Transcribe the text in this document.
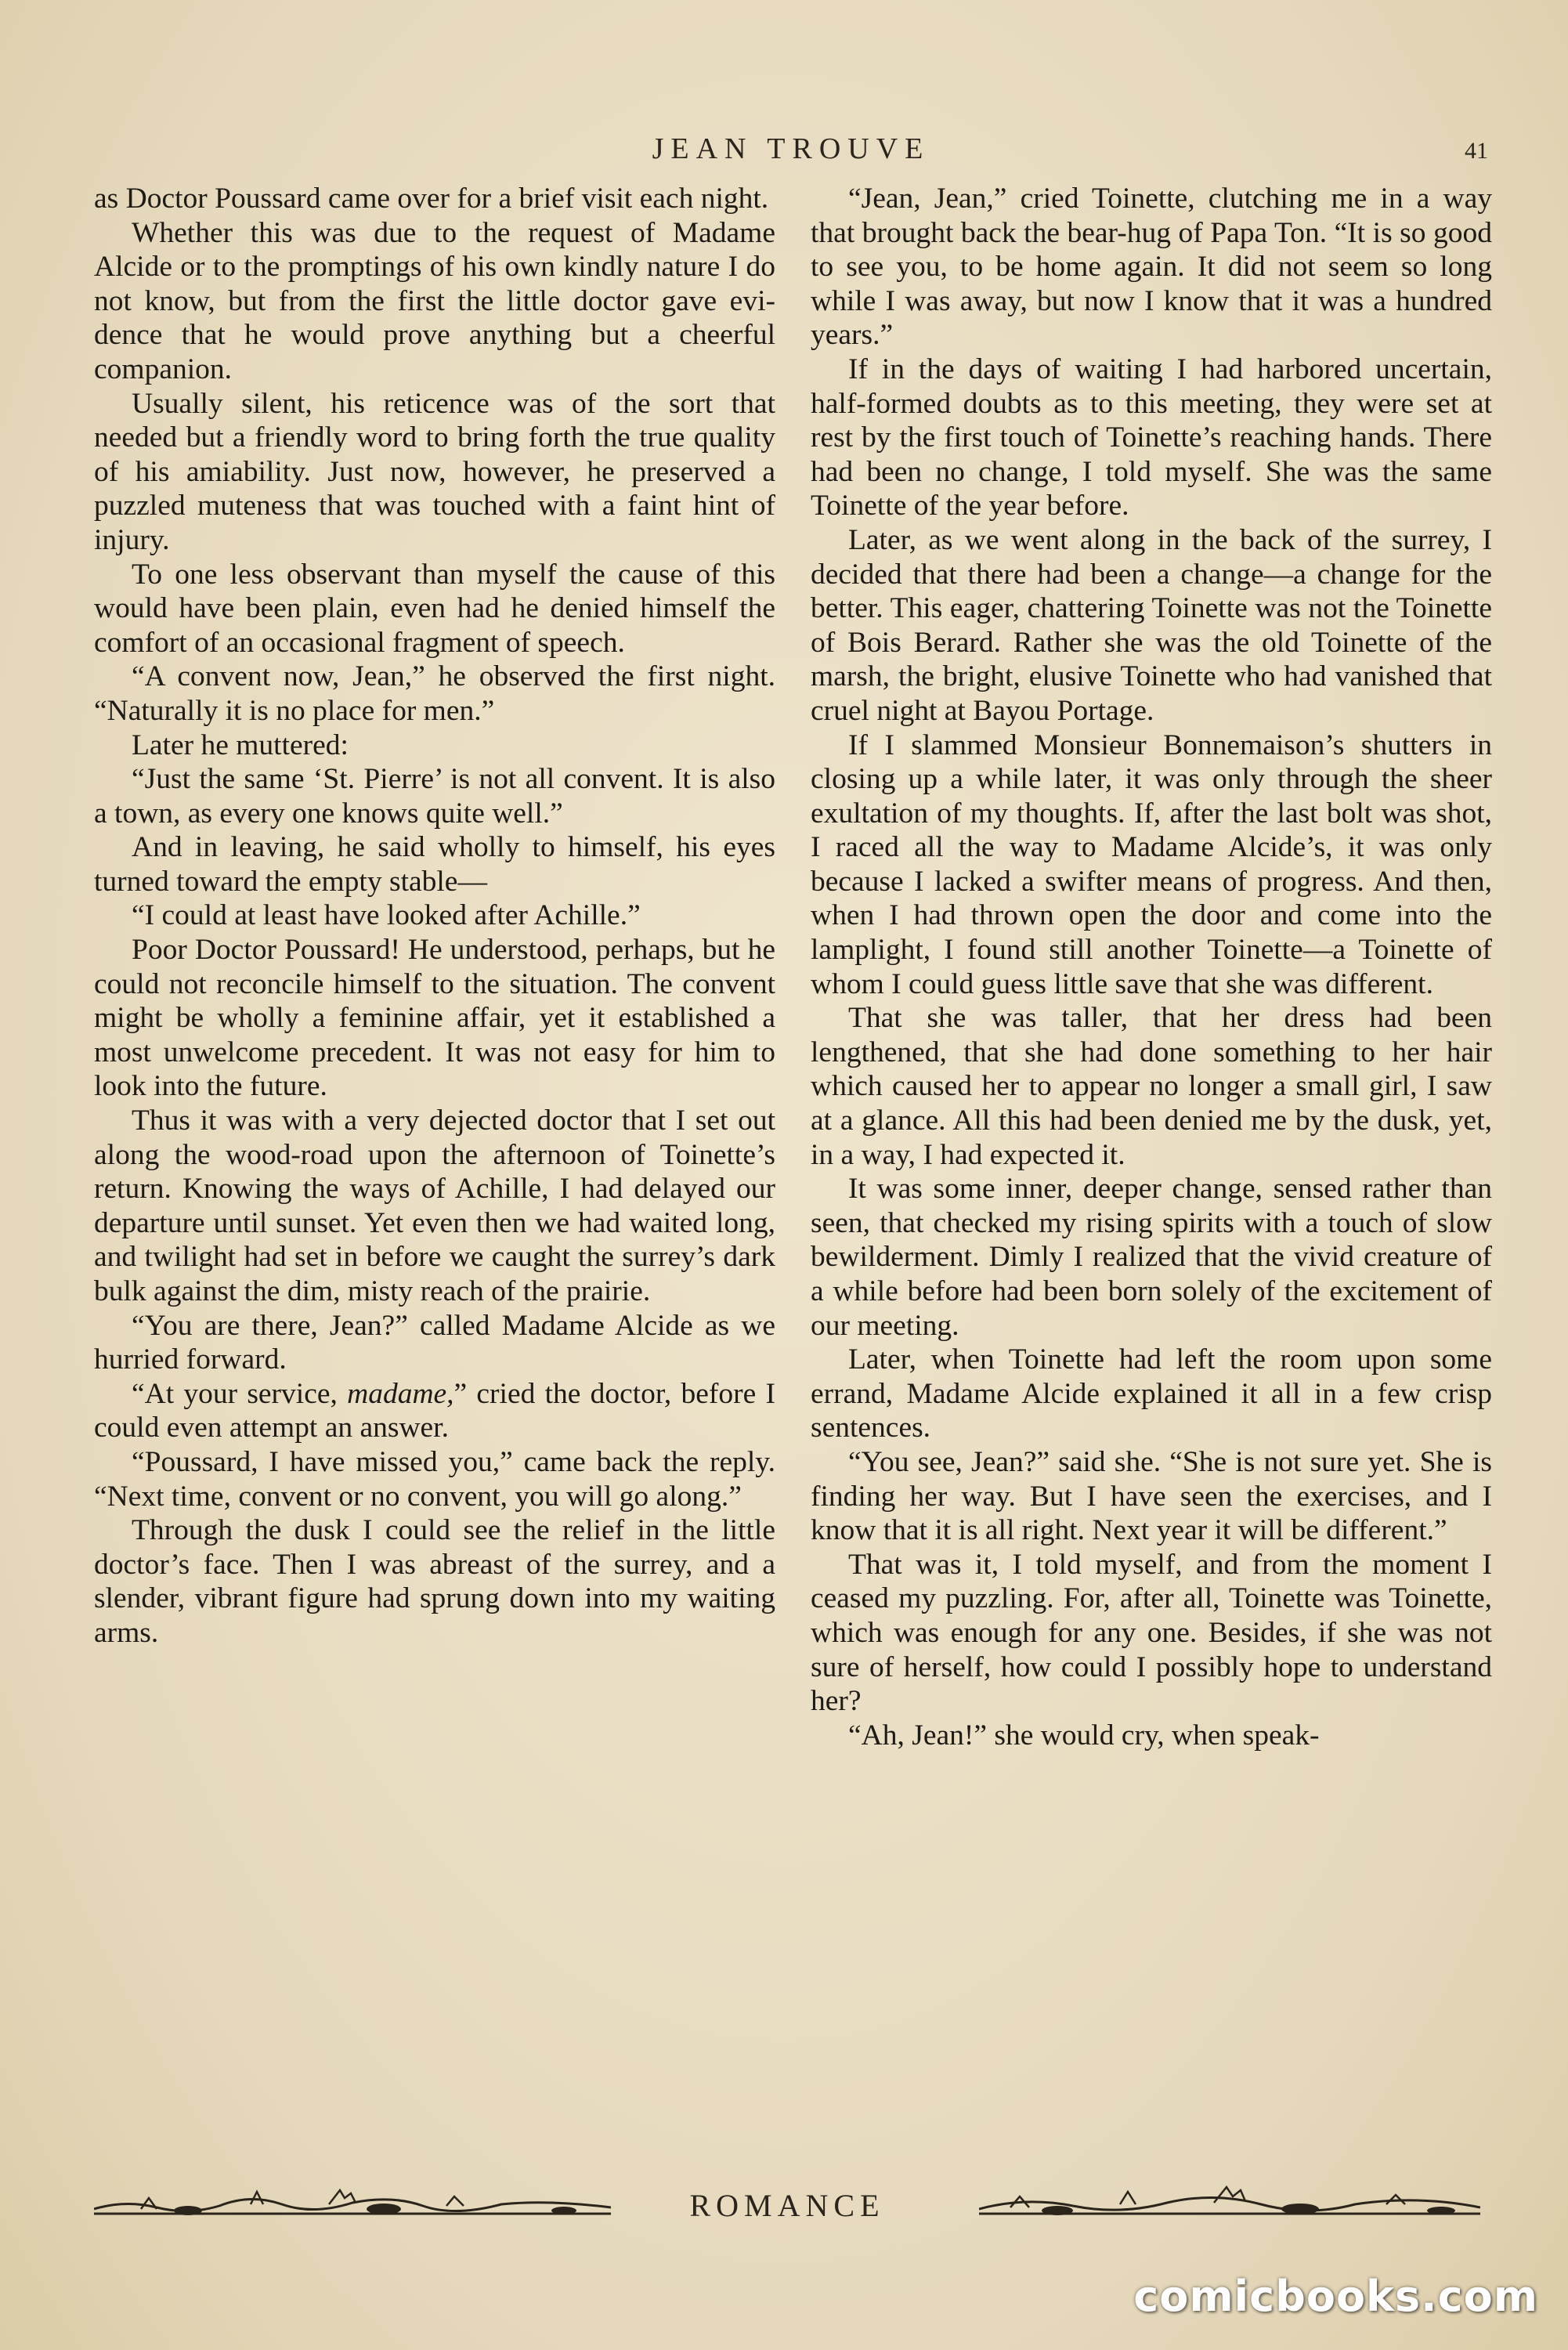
JEAN TROUVE	41

as Doctor Poussard came over for a brief visit each night.

Whether this was due to the request of Madame Alcide or to the promptings of his own kindly nature I do not know, but from the first the little doctor gave evidence that he would prove anything but a cheerful companion.

Usually silent, his reticence was of the sort that needed but a friendly word to bring forth the true quality of his amiability. Just now, however, he preserved a puzzled muteness that was touched with a faint hint of injury.

To one less observant than myself the cause of this would have been plain, even had he denied himself the comfort of an occasional fragment of speech.

“A convent now, Jean,” he observed the first night. “Naturally it is no place for men.”

Later he muttered:

“Just the same ‘St. Pierre’ is not all convent. It is also a town, as every one knows quite well.”

And in leaving, he said wholly to himself, his eyes turned toward the empty stable—

“I could at least have looked after Achille.”

Poor Doctor Poussard! He understood, perhaps, but he could not reconcile himself to the situation. The convent might be wholly a feminine affair, yet it established a most unwelcome precedent. It was not easy for him to look into the future.

Thus it was with a very dejected doctor that I set out along the wood-road upon the afternoon of Toinette’s return. Knowing the ways of Achille, I had delayed our departure until sunset. Yet even then we had waited long, and twilight had set in before we caught the surrey’s dark bulk against the dim, misty reach of the prairie.

“You are there, Jean?” called Madame Alcide as we hurried forward.

“At your service, madame,” cried the doctor, before I could even attempt an answer.

“Poussard, I have missed you,” came back the reply. “Next time, convent or no convent, you will go along.”

Through the dusk I could see the relief in the little doctor’s face. Then I was abreast of the surrey, and a slender, vibrant figure had sprung down into my waiting arms.

“Jean, Jean,” cried Toinette, clutching me in a way that brought back the bear-hug of Papa Ton. “It is so good to see you, to be home again. It did not seem so long while I was away, but now I know that it was a hundred years.”

If in the days of waiting I had harbored uncertain, half-formed doubts as to this meeting, they were set at rest by the first touch of Toinette’s reaching hands. There had been no change, I told myself. She was the same Toinette of the year before.

Later, as we went along in the back of the surrey, I decided that there had been a change—a change for the better. This eager, chattering Toinette was not the Toinette of Bois Berard. Rather she was the old Toinette of the marsh, the bright, elusive Toinette who had vanished that cruel night at Bayou Portage.

If I slammed Monsieur Bonnemaison’s shutters in closing up a while later, it was only through the sheer exultation of my thoughts. If, after the last bolt was shot, I raced all the way to Madame Alcide’s, it was only because I lacked a swifter means of progress. And then, when I had thrown open the door and come into the lamplight, I found still another Toinette—a Toinette of whom I could guess little save that she was different.

That she was taller, that her dress had been lengthened, that she had done something to her hair which caused her to appear no longer a small girl, I saw at a glance. All this had been denied me by the dusk, yet, in a way, I had expected it.

It was some inner, deeper change, sensed rather than seen, that checked my rising spirits with a touch of slow bewilderment. Dimly I realized that the vivid creature of a while before had been born solely of the excitement of our meeting.

Later, when Toinette had left the room upon some errand, Madame Alcide explained it all in a few crisp sentences.

“You see, Jean?” said she. “She is not sure yet. She is finding her way. But I have seen the exercises, and I know that it is all right. Next year it will be different.”

That was it, I told myself, and from the moment I ceased my puzzling. For, after all, Toinette was Toinette, which was enough for any one. Besides, if she was not sure of herself, how could I possibly hope to understand her?

“Ah, Jean!” she would cry, when speak-

ROMANCE
comicbooks.com
